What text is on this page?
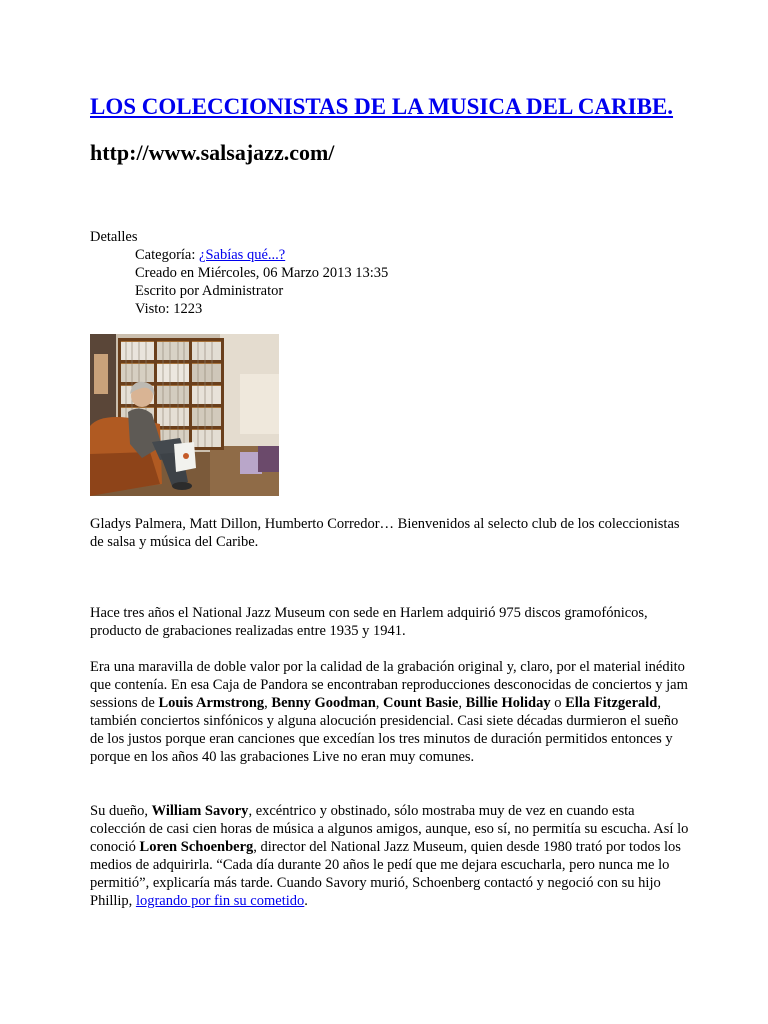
LOS COLECCIONISTAS DE LA MUSICA DEL CARIBE.
http://www.salsajazz.com/
Detalles
Categoría: ¿Sabías qué...?
Creado en Miércoles, 06 Marzo 2013 13:35
Escrito por Administrator
Visto: 1223

Gladys Palmera, Matt Dillon, Humberto Corredor… Bienvenidos al selecto club de los coleccionistas de salsa y música del Caribe.

Hace tres años el National Jazz Museum con sede en Harlem adquirió 975 discos gramofónicos, producto de grabaciones realizadas entre 1935 y 1941.

Era una maravilla de doble valor por la calidad de la grabación original y, claro, por el material inédito que contenía. En esa Caja de Pandora se encontraban reproducciones desconocidas de conciertos y jam sessions de Louis Armstrong, Benny Goodman, Count Basie, Billie Holiday o Ella Fitzgerald, también conciertos sinfónicos y alguna alocución presidencial. Casi siete décadas durmieron el sueño de los justos porque eran canciones que excedían los tres minutos de duración permitidos entonces y porque en los años 40 las grabaciones Live no eran muy comunes.

Su dueño, William Savory, excéntrico y obstinado, sólo mostraba muy de vez en cuando esta colección de casi cien horas de música a algunos amigos, aunque, eso sí, no permitía su escucha. Así lo conoció Loren Schoenberg, director del National Jazz Museum, quien desde 1980 trató por todos los medios de adquirirla. “Cada día durante 20 años le pedí que me dejara escucharla, pero nunca me lo permitió”, explicaría más tarde. Cuando Savory murió, Schoenberg contactó y negoció con su hijo Phillip, logrando por fin su cometido.
